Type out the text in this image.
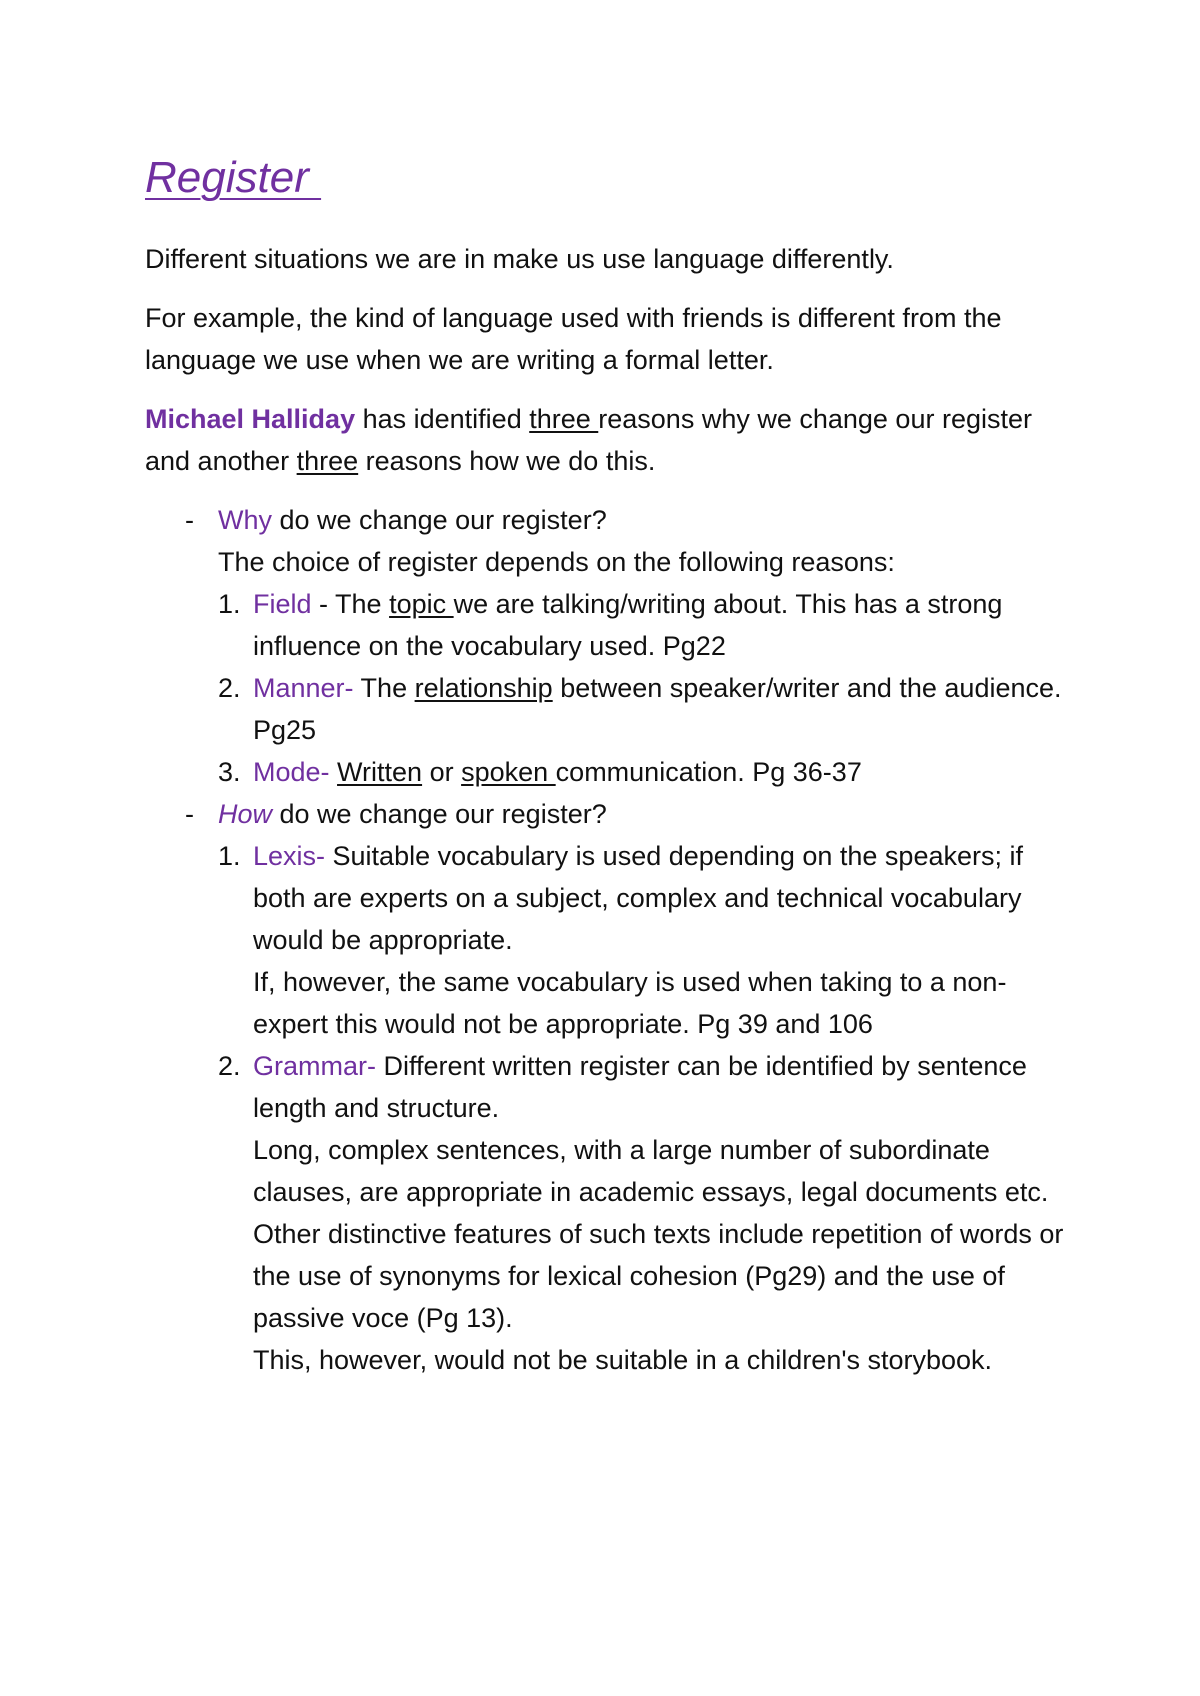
Register

Different situations we are in make us use language differently.

For example, the kind of language used with friends is different from the language we use when we are writing a formal letter.

Michael Halliday has identified three reasons why we change our register and another three reasons how we do this.

- Why do we change our register?
The choice of register depends on the following reasons:
1. Field - The topic we are talking/writing about. This has a strong influence on the vocabulary used. Pg22
2. Manner- The relationship between speaker/writer and the audience. Pg25
3. Mode- Written or spoken communication. Pg 36-37
- How do we change our register?
1. Lexis- Suitable vocabulary is used depending on the speakers; if both are experts on a subject, complex and technical vocabulary would be appropriate.
If, however, the same vocabulary is used when taking to a non-expert this would not be appropriate. Pg 39 and 106
2. Grammar- Different written register can be identified by sentence length and structure.
Long, complex sentences, with a large number of subordinate clauses, are appropriate in academic essays, legal documents etc.
Other distinctive features of such texts include repetition of words or the use of synonyms for lexical cohesion (Pg29) and the use of passive voce (Pg 13).
This, however, would not be suitable in a children's storybook.
